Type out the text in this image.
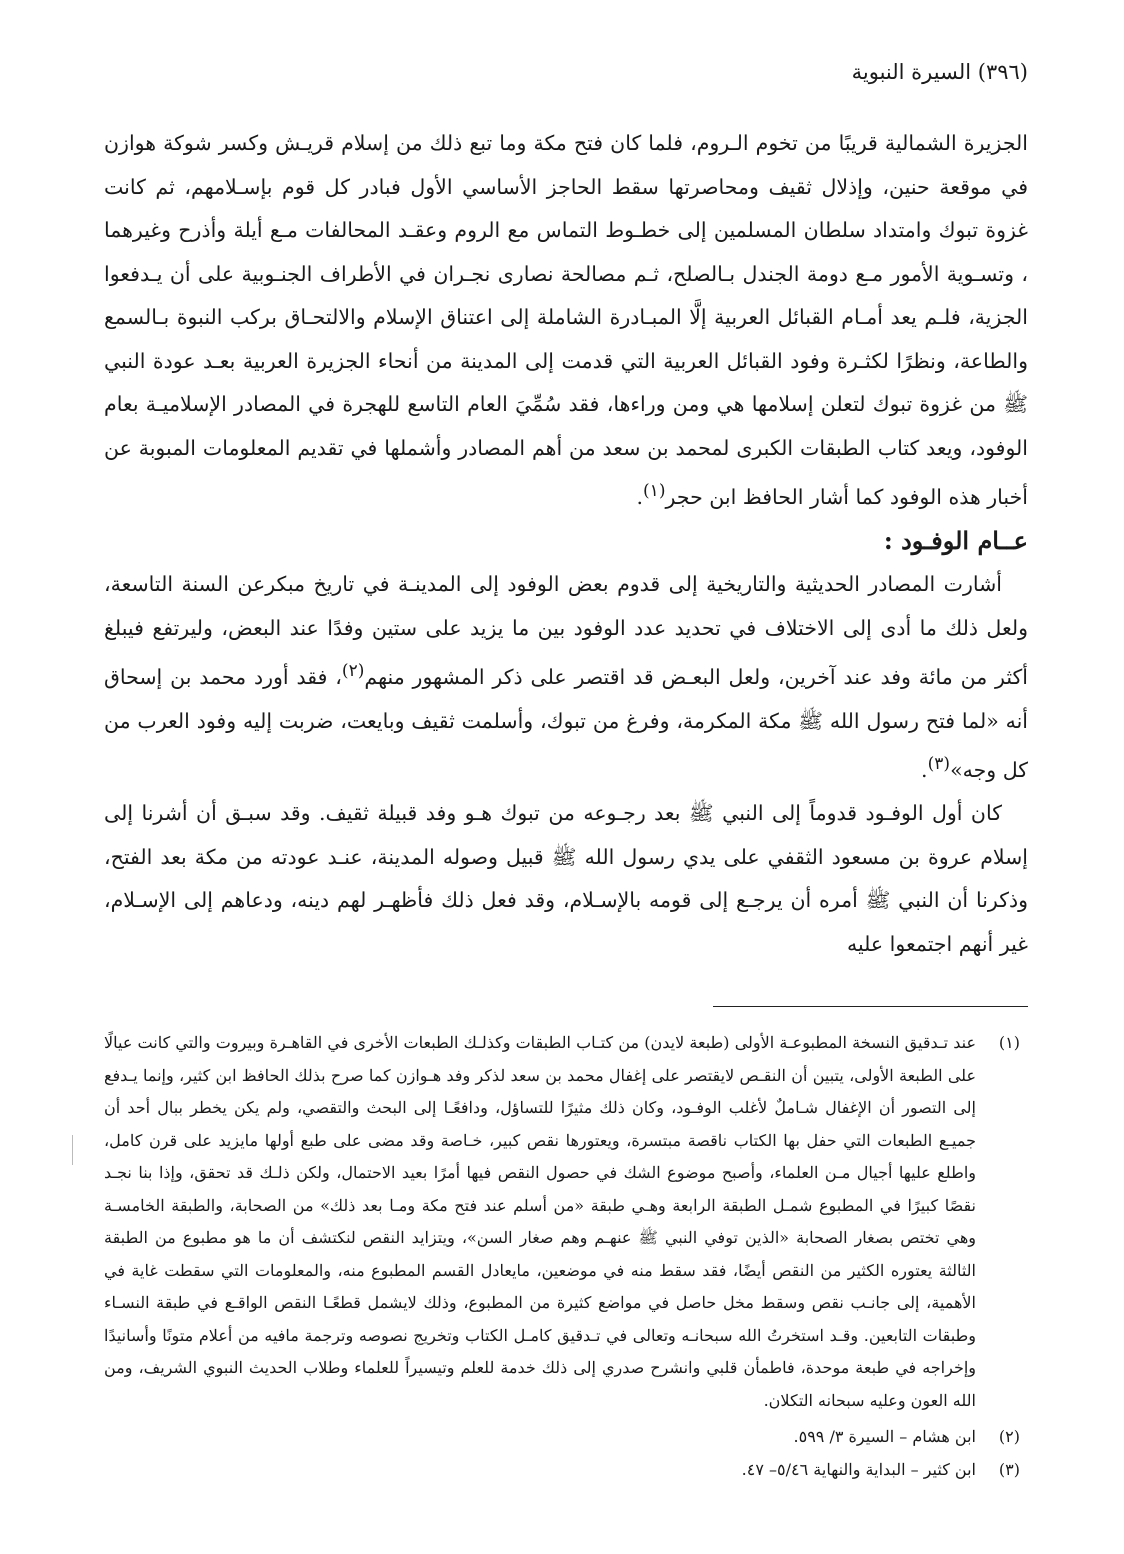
(٣٩٦) السيرة النبوية

الجزيرة الشمالية قريبًا من تخوم الـروم، فلما كان فتح مكة وما تبع ذلك من إسلام قريـش وكسر شوكة هوازن في موقعة حنين، وإذلال ثقيف ومحاصرتها سقط الحاجز الأساسي الأول فبادر كل قوم بإسـلامهم، ثم كانت غزوة تبوك وامتداد سلطان المسلمين إلى خطـوط التماس مع الروم وعقـد المحالفات مـع أيلة وأذرح وغيرهما ، وتسـوية الأمور مـع دومة الجندل بـالصلح، ثـم مصالحة نصارى نجـران في الأطراف الجنـوبية على أن يـدفعوا الجزية، فلـم يعد أمـام القبائل العربية إلَّا المبـادرة الشاملة إلى اعتناق الإسلام والالتحـاق بركب النبوة بـالسمع والطاعة، ونظرًا لكثـرة وفود القبائل العربية التي قدمت إلى المدينة من أنحاء الجزيرة العربية بعـد عودة النبي ﷺ من غزوة تبوك لتعلن إسلامها هي ومن وراءها، فقد سُمِّيَ العام التاسع للهجرة في المصادر الإسلاميـة بعام الوفود، ويعد كتاب الطبقات الكبرى لمحمد بن سعد من أهم المصادر وأشملها في تقديم المعلومات المبوبة عن أخبار هذه الوفود كما أشار الحافظ ابن حجر$^{(١)}$.

عــام الوفـود :

أشارت المصادر الحديثية والتاريخية إلى قدوم بعض الوفود إلى المدينـة في تاريخ مبكرعن السنة التاسعة، ولعل ذلك ما أدى إلى الاختلاف في تحديد عدد الوفود بين ما يزيد على ستين وفدًا عند البعض، وليرتفع فيبلغ أكثر من مائة وفد عند آخرين، ولعل البعـض قد اقتصر على ذكر المشهور منهم$^{(٢)}$، فقد أورد محمد بن إسحاق أنه «لما فتح رسول الله ﷺ مكة المكرمة، وفرغ من تبوك، وأسلمت ثقيف وبايعت، ضربت إليه وفود العرب من كل وجه»$^{(٣)}$.

كان أول الوفـود قدوماً إلى النبي ﷺ بعد رجـوعه من تبوك هـو وفد قبيلة ثقيف. وقد سبـق أن أشرنا إلى إسلام عروة بن مسعود الثقفي على يدي رسول الله ﷺ قبيل وصوله المدينة، عنـد عودته من مكة بعد الفتح، وذكرنا أن النبي ﷺ أمره أن يرجـع إلى قومه بالإسـلام، وقد فعل ذلك فأظهـر لهم دينه، ودعاهم إلى الإسـلام، غير أنهم اجتمعوا عليه

(١)
عند تـدقيق النسخة المطبوعـة الأولى (طبعة لايدن) من كتـاب الطبقات وكذلـك الطبعات الأخرى في القاهـرة وبيروت والتي كانت عيالًا على الطبعة الأولى، يتبين أن النقـص لايقتصر على إغفال محمد بن سعد لذكر وفد هـوازن كما صرح بذلك الحافظ ابن كثير، وإنما يـدفع إلى التصور أن الإغفال شـاملٌ لأغلب الوفـود، وكان ذلك مثيرًا للتساؤل، ودافعًـا إلى البحث والتقصي، ولم يكن يخطر ببال أحد أن جميـع الطبعات التي حفل بها الكتاب ناقصة مبتسرة، ويعتورها نقص كبير، خـاصة وقد مضى على طبع أولها مايزيد على قرن كامل، واطلع عليها أجيال مـن العلماء، وأصبح موضوع الشك في حصول النقص فيها أمرًا بعيد الاحتمال، ولكن ذلـك قد تحقق، وإذا بنا نجـد نقصًا كبيرًا في المطبوع شمـل الطبقة الرابعة وهـي طبقة «من أسلم عند فتح مكة ومـا بعد ذلك» من الصحابة، والطبقة الخامسـة وهي تختص بصغار الصحابة «الذين توفي النبي ﷺ عنهـم وهم صغار السن»، ويتزايد النقص لنكتشف أن ما هو مطبوع من الطبقة الثالثة يعتوره الكثير من النقص أيضًا، فقد سقط منه في موضعين، مايعادل القسم المطبوع منه، والمعلومات التي سقطت غاية في الأهمية، إلى جانـب نقص وسقط مخل حاصل في مواضع كثيرة من المطبوع، وذلك لايشمل قطعًـا النقص الواقـع في طبقة النسـاء وطبقات التابعين. وقـد استخرتُ الله سبحانـه وتعالى في تـدقيق كامـل الكتاب وتخريج نصوصه وترجمة مافيه من أعلام متونًا وأسانيدًا وإخراجه في طبعة موحدة، فاطمأن قلبي وانشرح صدري إلى ذلك خدمة للعلم وتيسيراً للعلماء وطلاب الحديث النبوي الشريف، ومن الله العون وعليه سبحانه التكلان.
(٢)
ابن هشام – السيرة ٣/ ٥٩٩.
(٣)
ابن كثير – البداية والنهاية ٥/٤٦– ٤٧.
